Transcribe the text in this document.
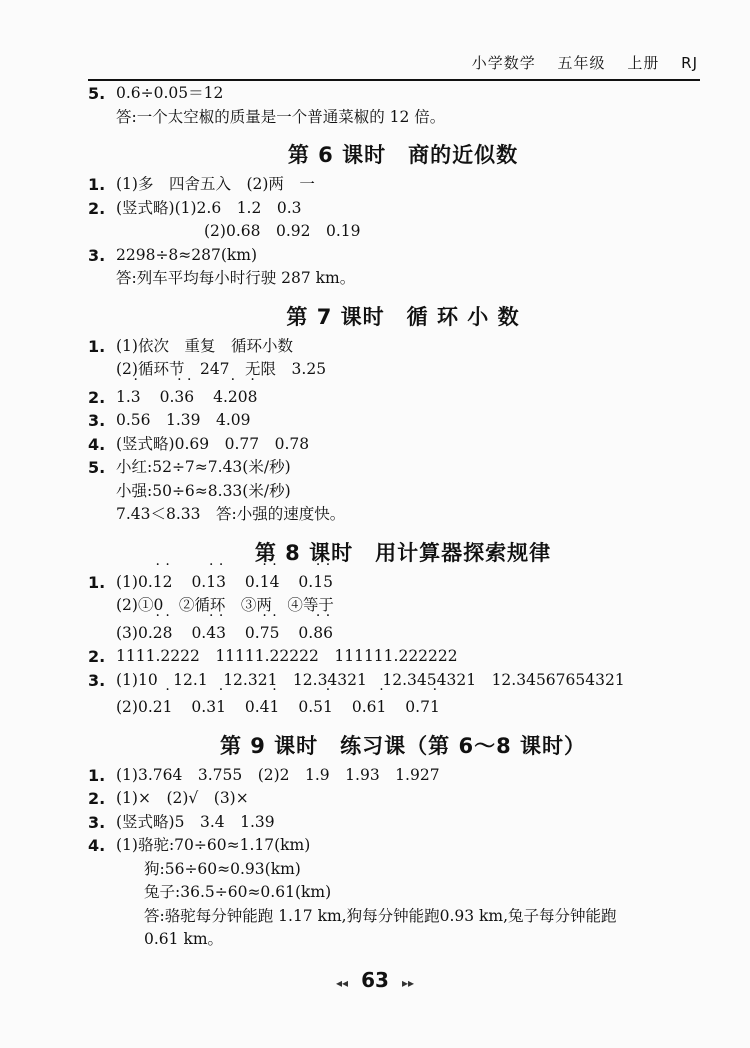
小学数学 五年级 上册 RJ
5. 0.6÷0.05＝12
答:一个太空椒的质量是一个普通菜椒的 12 倍。
第 6 课时　商的近似数
1. (1)多　四舍五入　(2)两　一
2. (竖式略)(1)2.6　1.2　0.3
(2)0.68　0.92　0.19
3. 2298÷8≈287(km)
答:列车平均每小时行驶 287 km。
第 7 课时　循 环 小 数
1. (1)依次　重复　循环小数
(2)循环节　247　无限　3.25
2. 1.· 3 0.· 3· 6 4.· 20· 8
3. 0.56　1.39　4.09
4. (竖式略)0.69　0.77　0.78
5. 小红:52÷7≈7.43(米/秒)
小强:50÷6≈8.33(米/秒)
7.43＜8.33　答:小强的速度快。
第 8 课时　用计算器探索规律
1. (1)0.· 1· 2 0.· 1· 3 0.· 1· 4 0.· 1· 5
(2)①0　②循环　③两　④等于
(3)0.· 2· 8 0.· 4· 3 0.· 7· 5 0.· 8· 6
2. 1111.2222　11111.22222　111111.222222
3. (1)10　12.1　12.321　12.34321　12.3454321　12.34567654321
(2)0.2· 1 0.3· 1 0.4· 1 0.5· 1 0.6· 1 0.7· 1
第 9 课时　练习课（第 6～8 课时）
1. (1)3.764　3.755　(2)2　1.9　1.93　1.927
2. (1)×　(2)√　(3)×
3. (竖式略)5　3.4　1.39
4. (1)骆驼:70÷60≈1.17(km)
狗:56÷60≈0.93(km)
兔子:36.5÷60≈0.61(km)
答:骆驼每分钟能跑 1.17 km,狗每分钟能跑0.93 km,兔子每分钟能跑
0.61 km。
◂◂ 63 ▸▸
